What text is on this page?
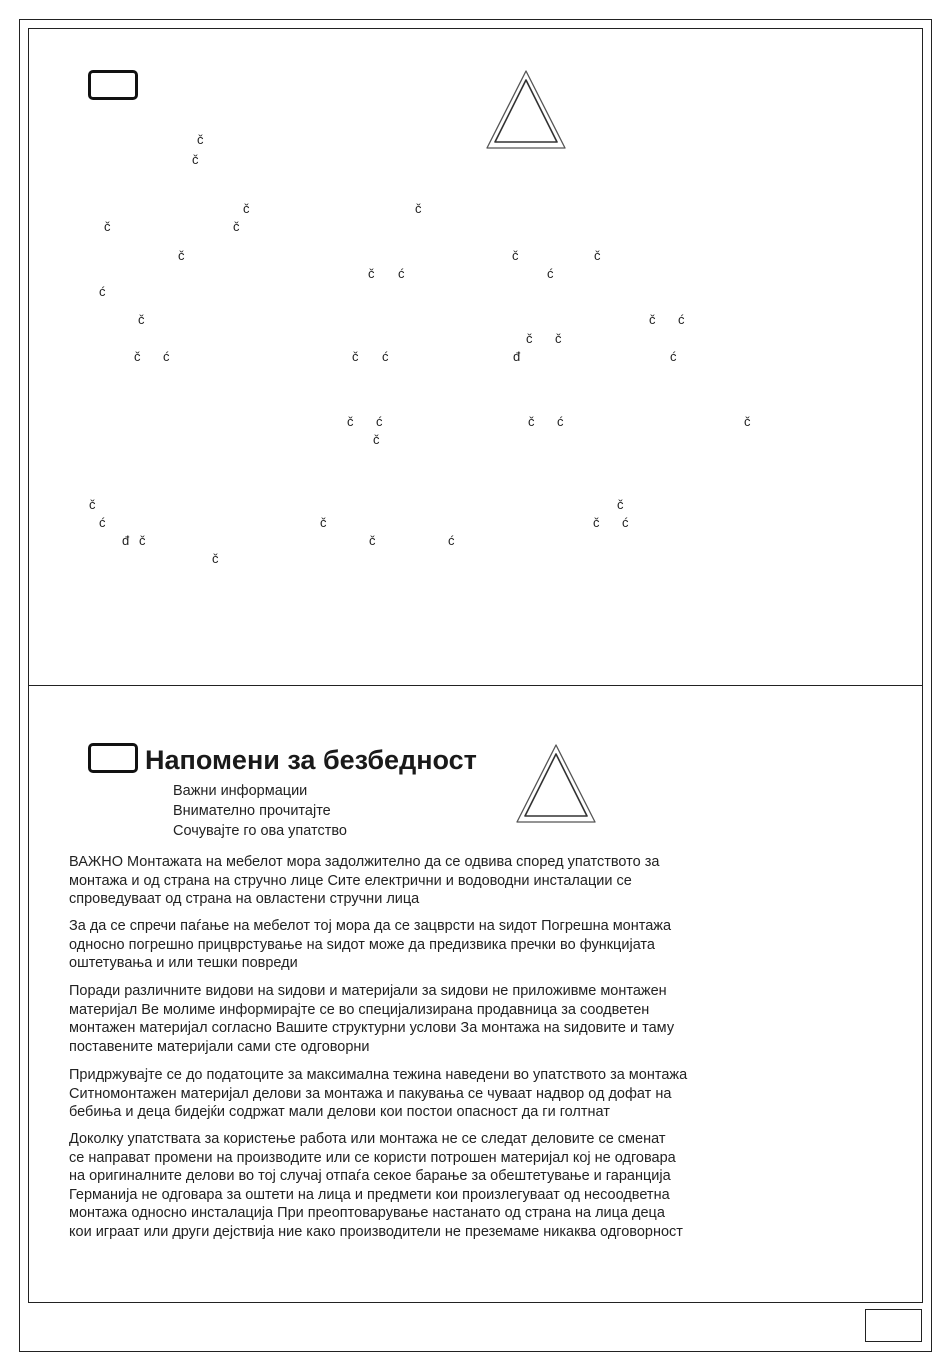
č
č
č	č
č	č
č	č	č
č ć	ć
ć
č	č ć
č č
č ć	č ć	đ	ć
č ć	č ć	č
č
č	č
ć	č	č ć
đ č	č	ć
č
Напомени за безбедност
Важни информации
Внимателно прочитајте
Сочувајте го ова упатство

ВАЖНО Монтажата на мебелот мора задолжително да се одвива според упатството за
монтажа и од страна на стручно лице Сите електрични и водоводни инсталации се
спроведуваат од страна на овластени стручни лица

За да се спречи паѓање на мебелот тој мора да се зацврсти на ѕидот Погрешна монтажа
односно погрешно прицврстување на ѕидот може да предизвика пречки во функцијата
оштетувања и или тешки повреди

Поради различните видови на ѕидови и материјали за ѕидови не приложивме монтажен
материјал Ве молиме информирајте се во специјализирана продавница за соодветен
монтажен материјал согласно Вашите структурни услови За монтажа на ѕидовите и таму
поставените материјали сами сте одговорни

Придржувајте се до податоците за максимална тежина наведени во упатството за монтажа
Ситномонтажен материјал делови за монтажа и пакувања се чуваат надвор од дофат на
бебиња и деца бидејќи содржат мали делови кои постои опасност да ги голтнат

Доколку упатствата за користење работа или монтажа не се следат деловите се сменат
се направат промени на производите или се користи потрошен материјал кој не одговара
на оригиналните делови во тој случај отпаѓа секое барање за обештетување и гаранција
Германија не одговара за оштети на лица и предмети кои произлегуваат од несоодветна
монтажа односно инсталација При преоптоварување настанато од страна на лица деца
кои играат или други дејствија ние како производители не преземаме никаква одговорност
